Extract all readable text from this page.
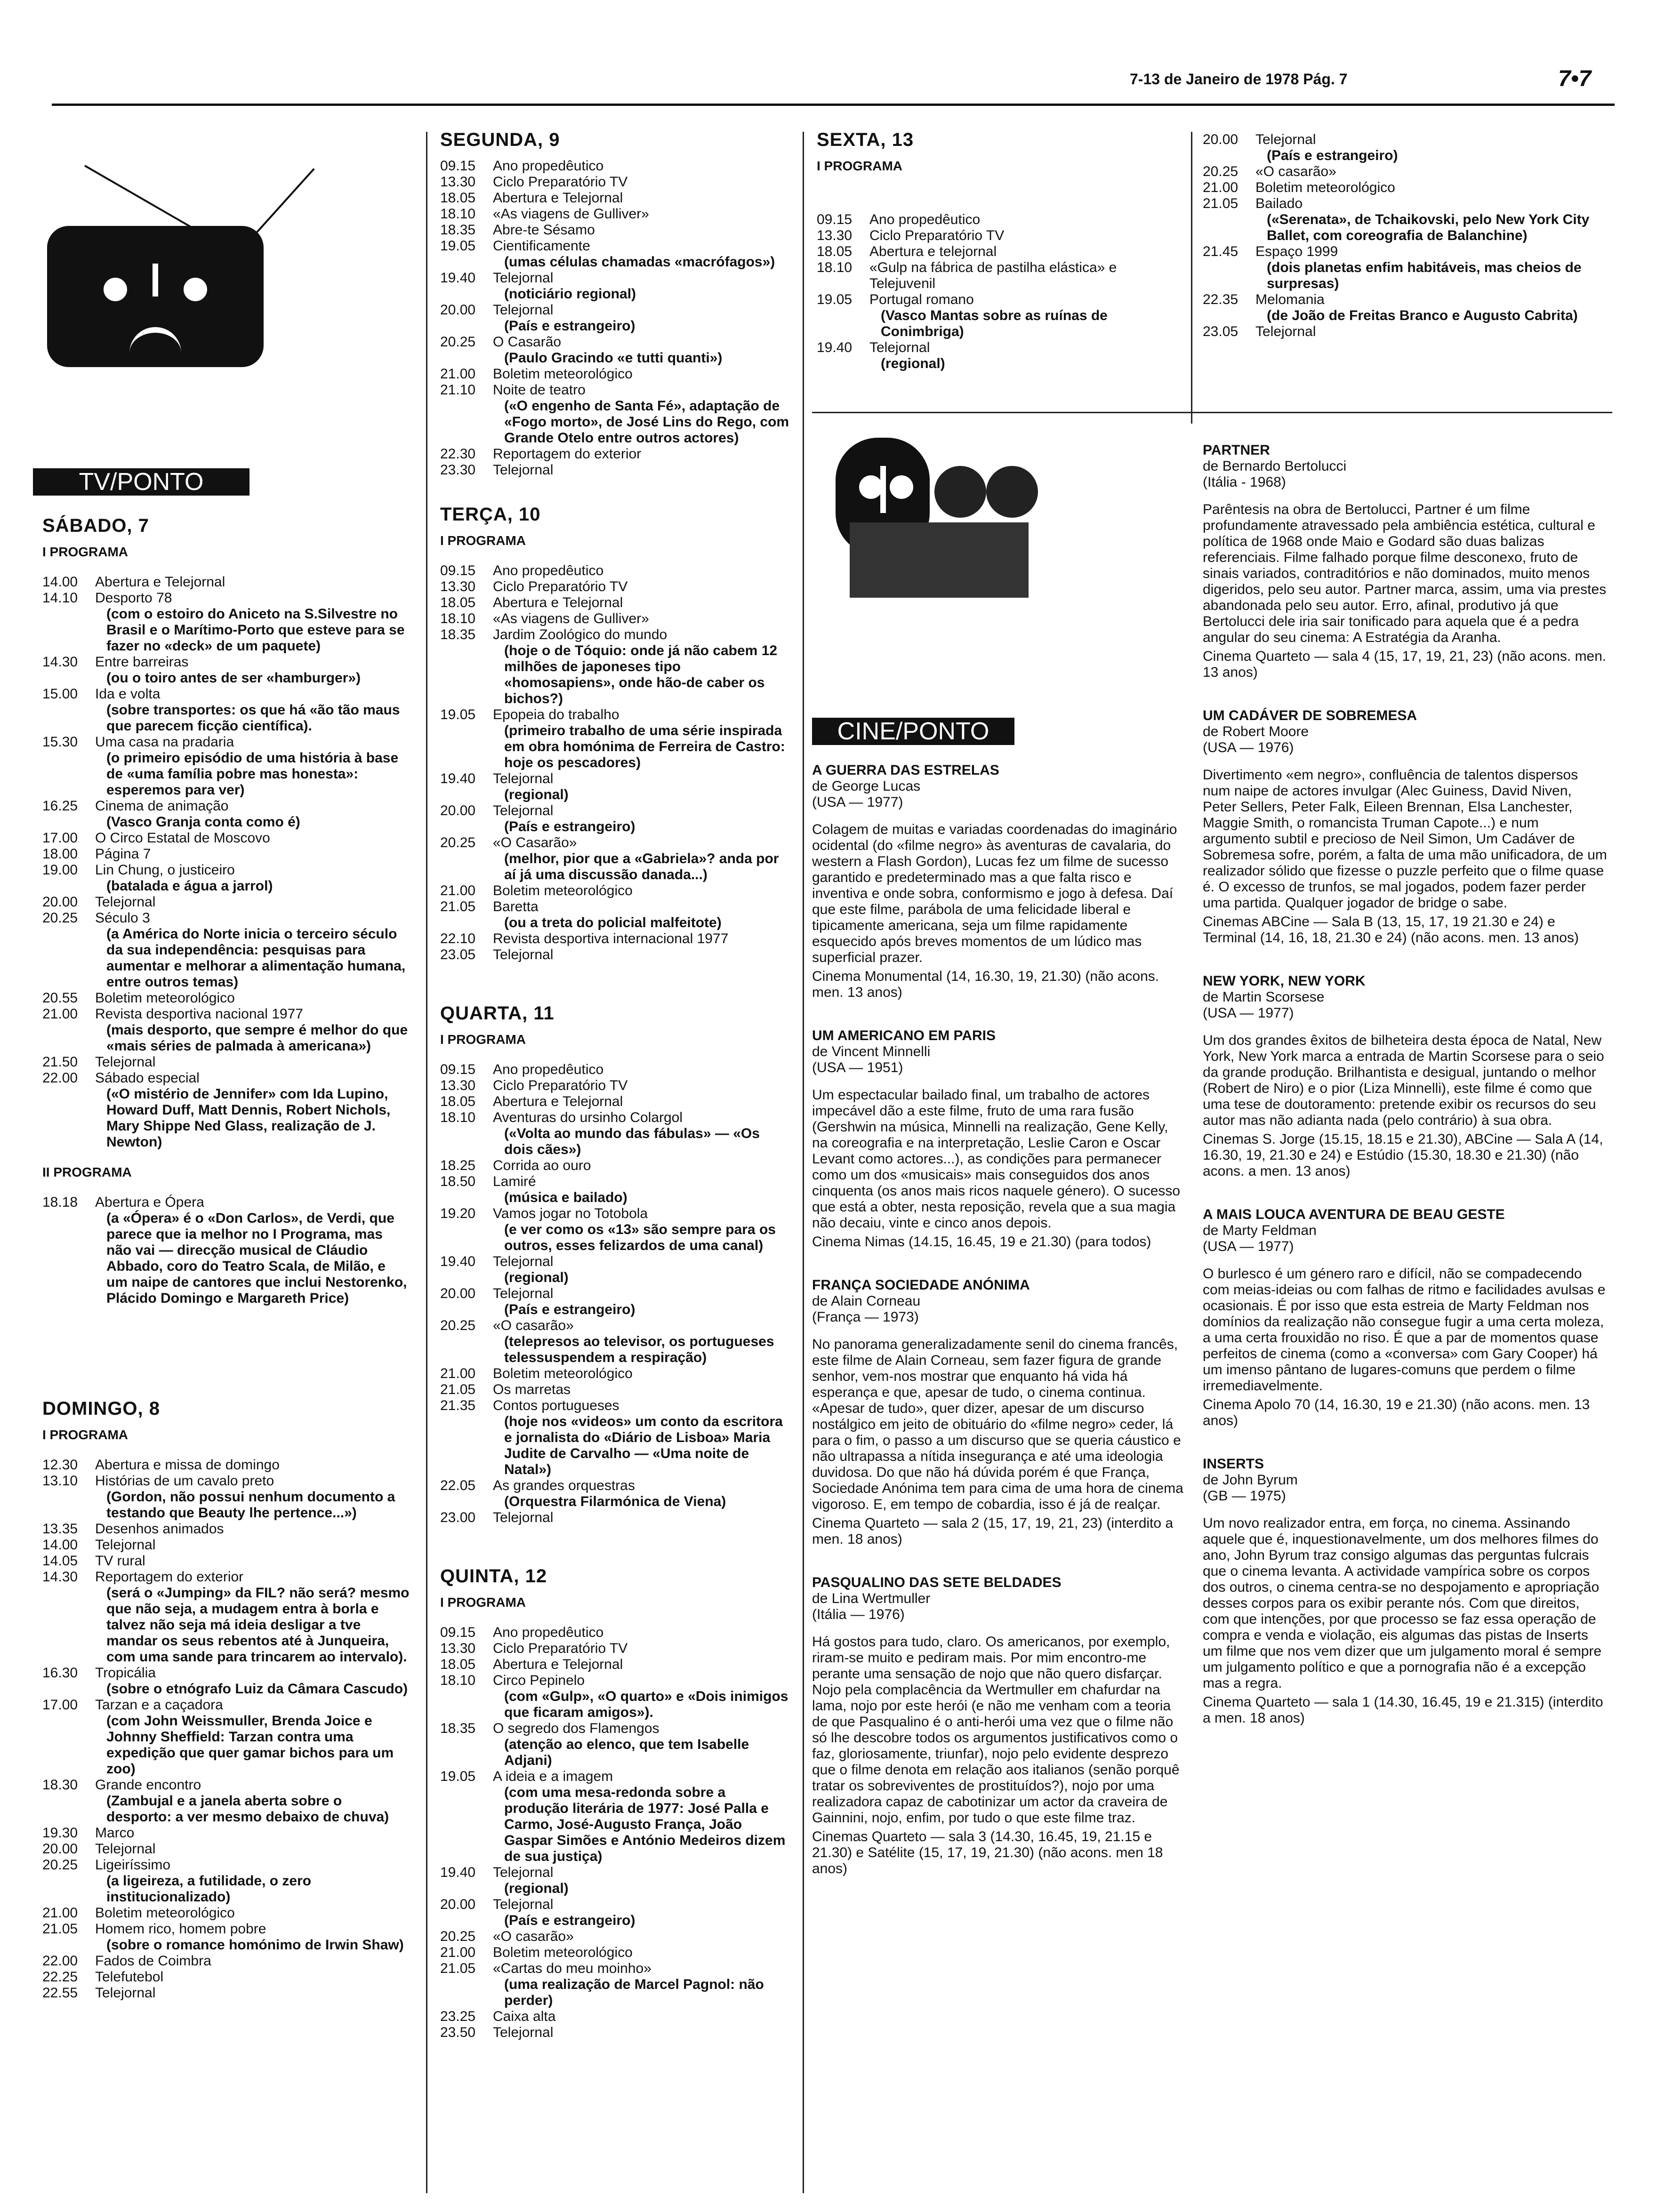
7-13 de Janeiro de 1978 Pág. 7	7•7
TV/PONTO
SÁBADO, 7
I PROGRAMA
14.00	Abertura e Telejornal
14.10	Desporto 78
(com o estoiro do Aniceto na S.Silvestre no Brasil e o Marítimo-Porto que esteve para se fazer no «deck» de um paquete)
14.30	Entre barreiras
(ou o toiro antes de ser «hamburger»)
15.00	Ida e volta
(sobre transportes: os que há «ão tão maus que parecem ficção científica).
15.30	Uma casa na pradaria
(o primeiro episódio de uma história à base de «uma família pobre mas honesta»: esperemos para ver)
16.25	Cinema de animação
(Vasco Granja conta como é)
17.00	O Circo Estatal de Moscovo
18.00	Página 7
19.00	Lin Chung, o justiceiro
(batalada e água a jarrol)
20.00	Telejornal
20.25	Século 3
(a América do Norte inicia o terceiro século da sua independência: pesquisas para aumentar e melhorar a alimentação humana, entre outros temas)
20.55	Boletim meteorológico
21.00	Revista desportiva nacional 1977
(mais desporto, que sempre é melhor do que «mais séries de palmada à americana»)
21.50	Telejornal
22.00	Sábado especial
(«O mistério de Jennifer» com Ida Lupino, Howard Duff, Matt Dennis, Robert Nichols, Mary Shippe Ned Glass, realização de J. Newton)
II PROGRAMA
18.18	Abertura e Ópera
(a «Ópera» é o «Don Carlos», de Verdi, que parece que ia melhor no I Programa, mas não vai — direcção musical de Cláudio Abbado, coro do Teatro Scala, de Milão, e um naipe de cantores que inclui Nestorenko, Plácido Domingo e Margareth Price)
DOMINGO, 8
I PROGRAMA
12.30	Abertura e missa de domingo
13.10	Histórias de um cavalo preto
(Gordon, não possui nenhum documento a testando que Beauty lhe pertence...»)
13.35	Desenhos animados
14.00	Telejornal
14.05	TV rural
14.30	Reportagem do exterior
(será o «Jumping» da FIL? não será? mesmo que não seja, a mudagem entra à borla e talvez não seja má ideia desligar a tve mandar os seus rebentos até à Junqueira, com uma sande para trincarem ao intervalo).
16.30	Tropicália
(sobre o etnógrafo Luiz da Câmara Cascudo)
17.00	Tarzan e a caçadora
(com John Weissmuller, Brenda Joice e Johnny Sheffield: Tarzan contra uma expedição que quer gamar bichos para um zoo)
18.30	Grande encontro
(Zambujal e a janela aberta sobre o desporto: a ver mesmo debaixo de chuva)
19.30	Marco
20.00	Telejornal
20.25	Ligeiríssimo
(a ligeireza, a futilidade, o zero institucionalizado)
21.00	Boletim meteorológico
21.05	Homem rico, homem pobre
(sobre o romance homónimo de Irwin Shaw)
22.00	Fados de Coimbra
22.25	Telefutebol
22.55	Telejornal
SEGUNDA, 9
09.15	Ano propedêutico
13.30	Ciclo Preparatório TV
18.05	Abertura e Telejornal
18.10	«As viagens de Gulliver»
18.35	Abre-te Sésamo
19.05	Cientificamente
(umas células chamadas «macrófagos»)
19.40	Telejornal
(noticiário regional)
20.00	Telejornal
(País e estrangeiro)
20.25	O Casarão
(Paulo Gracindo «e tutti quanti»)
21.00	Boletim meteorológico
21.10	Noite de teatro
(«O engenho de Santa Fé», adaptação de «Fogo morto», de José Lins do Rego, com Grande Otelo entre outros actores)
22.30	Reportagem do exterior
23.30	Telejornal
TERÇA, 10
I PROGRAMA
09.15	Ano propedêutico
13.30	Ciclo Preparatório TV
18.05	Abertura e Telejornal
18.10	«As viagens de Gulliver»
18.35	Jardim Zoológico do mundo
(hoje o de Tóquio: onde já não cabem 12 milhões de japoneses tipo «homosapiens», onde hão-de caber os bichos?)
19.05	Epopeia do trabalho
(primeiro trabalho de uma série inspirada em obra homónima de Ferreira de Castro: hoje os pescadores)
19.40	Telejornal
(regional)
20.00	Telejornal
(País e estrangeiro)
20.25	«O Casarão»
(melhor, pior que a «Gabriela»? anda por aí já uma discussão danada...)
21.00	Boletim meteorológico
21.05	Baretta
(ou a treta do policial malfeitote)
22.10	Revista desportiva internacional 1977
23.05	Telejornal
QUARTA, 11
I PROGRAMA
09.15	Ano propedêutico
13.30	Ciclo Preparatório TV
18.05	Abertura e Telejornal
18.10	Aventuras do ursinho Colargol
(«Volta ao mundo das fábulas» — «Os dois cães»)
18.25	Corrida ao ouro
18.50	Lamiré
(música e bailado)
19.20	Vamos jogar no Totobola
(e ver como os «13» são sempre para os outros, esses felizardos de uma canal)
19.40	Telejornal
(regional)
20.00	Telejornal
(País e estrangeiro)
20.25	«O casarão»
(telepresos ao televisor, os portugueses telessuspendem a respiração)
21.00	Boletim meteorológico
21.05	Os marretas
21.35	Contos portugueses
(hoje nos «videos» um conto da escritora e jornalista do «Diário de Lisboa» Maria Judite de Carvalho — «Uma noite de Natal»)
22.05	As grandes orquestras
(Orquestra Filarmónica de Viena)
23.00	Telejornal
QUINTA, 12
I PROGRAMA
09.15	Ano propedêutico
13.30	Ciclo Preparatório TV
18.05	Abertura e Telejornal
18.10	Circo Pepinelo
(com «Gulp», «O quarto» e «Dois inimigos que ficaram amigos»).
18.35	O segredo dos Flamengos
(atenção ao elenco, que tem Isabelle Adjani)
19.05	A ideia e a imagem
(com uma mesa-redonda sobre a produção literária de 1977: José Palla e Carmo, José-Augusto França, João Gaspar Simões e António Medeiros dizem de sua justiça)
19.40	Telejornal
(regional)
20.00	Telejornal
(País e estrangeiro)
20.25	«O casarão»
21.00	Boletim meteorológico
21.05	«Cartas do meu moinho»
(uma realização de Marcel Pagnol: não perder)
23.25	Caixa alta
23.50	Telejornal
SEXTA, 13
I PROGRAMA
09.15	Ano propedêutico
13.30	Ciclo Preparatório TV
18.05	Abertura e telejornal
18.10	«Gulp na fábrica de pastilha elástica» e Telejuvenil
19.05	Portugal romano
(Vasco Mantas sobre as ruínas de Conimbriga)
19.40	Telejornal
(regional)
20.00	Telejornal
(País e estrangeiro)
20.25	«O casarão»
21.00	Boletim meteorológico
21.05	Bailado
(«Serenata», de Tchaikovski, pelo New York City Ballet, com coreografia de Balanchine)
21.45	Espaço 1999
(dois planetas enfim habitáveis, mas cheios de surpresas)
22.35	Melomania
(de João de Freitas Branco e Augusto Cabrita)
23.05	Telejornal
CINE/PONTO
A GUERRA DAS ESTRELAS
de George Lucas
(USA — 1977)
Colagem de muitas e variadas coordenadas do imaginário ocidental (do «filme negro» às aventuras de cavalaria, do western a Flash Gordon), Lucas fez um filme de sucesso garantido e predeterminado mas a que falta risco e inventiva e onde sobra, conformismo e jogo à defesa. Daí que este filme, parábola de uma felicidade liberal e tipicamente americana, seja um filme rapidamente esquecido após breves momentos de um lúdico mas superficial prazer.
Cinema Monumental (14, 16.30, 19, 21.30) (não acons. men. 13 anos)
UM AMERICANO EM PARIS
de Vincent Minnelli
(USA — 1951)
Um espectacular bailado final, um trabalho de actores impecável dão a este filme, fruto de uma rara fusão (Gershwin na música, Minnelli na realização, Gene Kelly, na coreografia e na interpretação, Leslie Caron e Oscar Levant como actores...), as condições para permanecer como um dos «musicais» mais conseguidos dos anos cinquenta (os anos mais ricos naquele género). O sucesso que está a obter, nesta reposição, revela que a sua magia não decaiu, vinte e cinco anos depois.
Cinema Nimas (14.15, 16.45, 19 e 21.30) (para todos)
FRANÇA SOCIEDADE ANÓNIMA
de Alain Corneau
(França — 1973)
No panorama generalizadamente senil do cinema francês, este filme de Alain Corneau, sem fazer figura de grande senhor, vem-nos mostrar que enquanto há vida há esperança e que, apesar de tudo, o cinema continua. «Apesar de tudo», quer dizer, apesar de um discurso nostálgico em jeito de obituário do «filme negro» ceder, lá para o fim, o passo a um discurso que se queria cáustico e não ultrapassa a nítida insegurança e até uma ideologia duvidosa. Do que não há dúvida porém é que França, Sociedade Anónima tem para cima de uma hora de cinema vigoroso. E, em tempo de cobardia, isso é já de realçar.
Cinema Quarteto — sala 2 (15, 17, 19, 21, 23) (interdito a men. 18 anos)
PASQUALINO DAS SETE BELDADES
de Lina Wertmuller
(Itália — 1976)
Há gostos para tudo, claro. Os americanos, por exemplo, riram-se muito e pediram mais. Por mim encontro-me perante uma sensação de nojo que não quero disfarçar. Nojo pela complacência da Wertmuller em chafurdar na lama, nojo por este herói (e não me venham com a teoria de que Pasqualino é o anti-herói uma vez que o filme não só lhe descobre todos os argumentos justificativos como o faz, gloriosamente, triunfar), nojo pelo evidente desprezo que o filme denota em relação aos italianos (senão porquê tratar os sobreviventes de prostituídos?), nojo por uma realizadora capaz de cabotinizar um actor da craveira de Gainnini, nojo, enfim, por tudo o que este filme traz.
Cinemas Quarteto — sala 3 (14.30, 16.45, 19, 21.15 e 21.30) e Satélite (15, 17, 19, 21.30) (não acons. men 18 anos)
PARTNER
de Bernardo Bertolucci
(Itália - 1968)
Parêntesis na obra de Bertolucci, Partner é um filme profundamente atravessado pela ambiência estética, cultural e política de 1968 onde Maio e Godard são duas balizas referenciais. Filme falhado porque filme desconexo, fruto de sinais variados, contraditórios e não dominados, muito menos digeridos, pelo seu autor. Partner marca, assim, uma via prestes abandonada pelo seu autor. Erro, afinal, produtivo já que Bertolucci dele iria sair tonificado para aquela que é a pedra angular do seu cinema: A Estratégia da Aranha.
Cinema Quarteto — sala 4 (15, 17, 19, 21, 23) (não acons. men. 13 anos)
UM CADÁVER DE SOBREMESA
de Robert Moore
(USA — 1976)
Divertimento «em negro», confluência de talentos dispersos num naipe de actores invulgar (Alec Guiness, David Niven, Peter Sellers, Peter Falk, Eileen Brennan, Elsa Lanchester, Maggie Smith, o romancista Truman Capote...) e num argumento subtil e precioso de Neil Simon, Um Cadáver de Sobremesa sofre, porém, a falta de uma mão unificadora, de um realizador sólido que fizesse o puzzle perfeito que o filme quase é. O excesso de trunfos, se mal jogados, podem fazer perder uma partida. Qualquer jogador de bridge o sabe.
Cinemas ABCine — Sala B (13, 15, 17, 19 21.30 e 24) e Terminal (14, 16, 18, 21.30 e 24) (não acons. men. 13 anos)
NEW YORK, NEW YORK
de Martin Scorsese
(USA — 1977)
Um dos grandes êxitos de bilheteira desta época de Natal, New York, New York marca a entrada de Martin Scorsese para o seio da grande produção. Brilhantista e desigual, juntando o melhor (Robert de Niro) e o pior (Liza Minnelli), este filme é como que uma tese de doutoramento: pretende exibir os recursos do seu autor mas não adianta nada (pelo contrário) à sua obra.
Cinemas S. Jorge (15.15, 18.15 e 21.30), ABCine — Sala A (14, 16.30, 19, 21.30 e 24) e Estúdio (15.30, 18.30 e 21.30) (não acons. a men. 13 anos)
A MAIS LOUCA AVENTURA DE BEAU GESTE
de Marty Feldman
(USA — 1977)
O burlesco é um género raro e difícil, não se compadecendo com meias-ideias ou com falhas de ritmo e facilidades avulsas e ocasionais. É por isso que esta estreia de Marty Feldman nos domínios da realização não consegue fugir a uma certa moleza, a uma certa frouxidão no riso. É que a par de momentos quase perfeitos de cinema (como a «conversa» com Gary Cooper) há um imenso pântano de lugares-comuns que perdem o filme irremediavelmente.
Cinema Apolo 70 (14, 16.30, 19 e 21.30) (não acons. men. 13 anos)
INSERTS
de John Byrum
(GB — 1975)
Um novo realizador entra, em força, no cinema. Assinando aquele que é, inquestionavelmente, um dos melhores filmes do ano, John Byrum traz consigo algumas das perguntas fulcrais que o cinema levanta. A actividade vampírica sobre os corpos dos outros, o cinema centra-se no despojamento e apropriação desses corpos para os exibir perante nós. Com que direitos, com que intenções, por que processo se faz essa operação de compra e venda e violação, eis algumas das pistas de Inserts um filme que nos vem dizer que um julgamento moral é sempre um julgamento político e que a pornografia não é a excepção mas a regra.
Cinema Quarteto — sala 1 (14.30, 16.45, 19 e 21.315) (interdito a men. 18 anos)
